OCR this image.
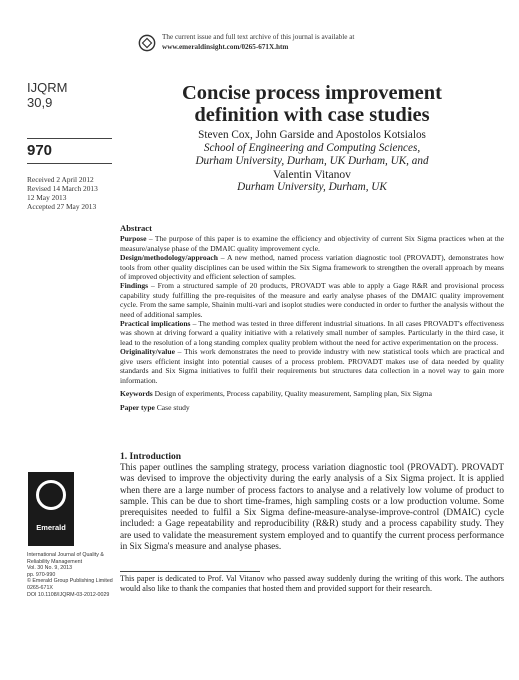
The current issue and full text archive of this journal is available at
www.emeraldinsight.com/0265-671X.htm
IJQRM
30,9
970
Received 2 April 2012
Revised 14 March 2013
12 May 2013
Accepted 27 May 2013
Concise process improvement
definition with case studies
Steven Cox, John Garside and Apostolos Kotsialos
School of Engineering and Computing Sciences,
Durham University, Durham, UK Durham, UK, and
Valentin Vitanov
Durham University, Durham, UK
Abstract

Purpose – The purpose of this paper is to examine the efficiency and objectivity of current Six Sigma practices when at the measure/analyse phase of the DMAIC quality improvement cycle.

Design/methodology/approach – A new method, named process variation diagnostic tool (PROVADT), demonstrates how tools from other quality disciplines can be used within the Six Sigma framework to strengthen the overall approach by means of improved objectivity and efficient selection of samples.

Findings – From a structured sample of 20 products, PROVADT was able to apply a Gage R&R and provisional process capability study fulfilling the pre-requisites of the measure and early analyse phases of the DMAIC quality improvement cycle. From the same sample, Shainin multi-vari and isoplot studies were conducted in order to further the analysis without the need of additional samples.

Practical implications – The method was tested in three different industrial situations. In all cases PROVADT's effectiveness was shown at driving forward a quality initiative with a relatively small number of samples. Particularly in the third case, it lead to the resolution of a long standing complex quality problem without the need for active experimentation on the process.

Originality/value – This work demonstrates the need to provide industry with new statistical tools which are practical and give users efficient insight into potential causes of a process problem. PROVADT makes use of data needed by quality standards and Six Sigma initiatives to fulfil their requirements but structures data collection in a novel way to gain more information.

Keywords Design of experiments, Process capability, Quality measurement, Sampling plan, Six Sigma

Paper type Case study

1. Introduction
This paper outlines the sampling strategy, process variation diagnostic tool (PROVADT). PROVADT was devised to improve the objectivity during the early analysis of a Six Sigma project. It is applied when there are a large number of process factors to analyse and a relatively low volume of product to sample. This can be due to short time-frames, high sampling costs or a low production volume. Some prerequisites needed to fulfil a Six Sigma define-measure-analyse-improve-control (DMAIC) cycle included: a Gage repeatability and reproducibility (R&R) study and a process capability study. They are used to validate the measurement system employed and to quantify the current process performance in Six Sigma's measure and analyse phases.
This paper is dedicated to Prof. Val Vitanov who passed away suddenly during the writing of this work. The authors would also like to thank the companies that hosted them and provided support for their research.
Emerald
International Journal of Quality &
Reliability Management
Vol. 30 No. 9, 2013
pp. 970-990
© Emerald Group Publishing Limited
0265-671X
DOI 10.1108/IJQRM-03-2012-0029
